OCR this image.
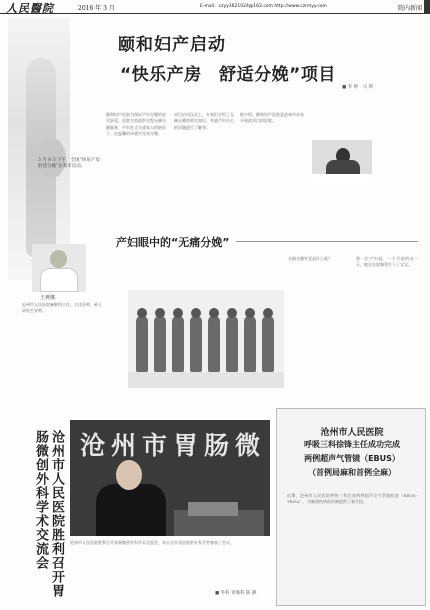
人民醫院	2016 年 3 月	E-mail：czyy3621024@163.com http://www.czrmyy.com	院内新闻
颐和妇产启动
“快乐产房　舒适分娩”项目
■ 李 婷　马 利
3 月 8 日下午，全国“快乐产房舒适分娩”在我市启动。
颐和妇产医院为保证产妇分娩的安全舒适，医院为其提供全程无痛分娩服务，产妇在丈夫或家人的陪伴下，在温馨的环境中完成分娩。
项目启动仪式上，专家们介绍了无痛分娩的相关知识，并就产妇关心的问题进行了解答。
据介绍，颐和妇产医院是沧州市首家开展此项目的医院。
产妇眼中的“无痛分娩”
王燕娜
沧州市人民医院麻醉科主任，主任医师，硕士研究生导师。
无痛分娩究竟是什么呢？	第一位产妇说，一个月前的这一天，她在医院顺利生下了宝宝。
沧州市人民医院胜利召开胃肠微创外科学术交流会	沧州市胃肠微
沧州市人民医院胜利召开胃肠微创外科学术交流会，来自全市各医院的专家学者参加了会议。
■ 外科 胃肠科 陈 静
沧州市人民医院
呼吸三科徐锋主任成功完成
两例超声气管镜（EBUS）
（首例局麻和首例全麻）
近期，沧州市人民医院呼吸三科完成两例超声支气管镜检查（EBUS-TBNA），为肺部疾病的诊断提供了新手段。
